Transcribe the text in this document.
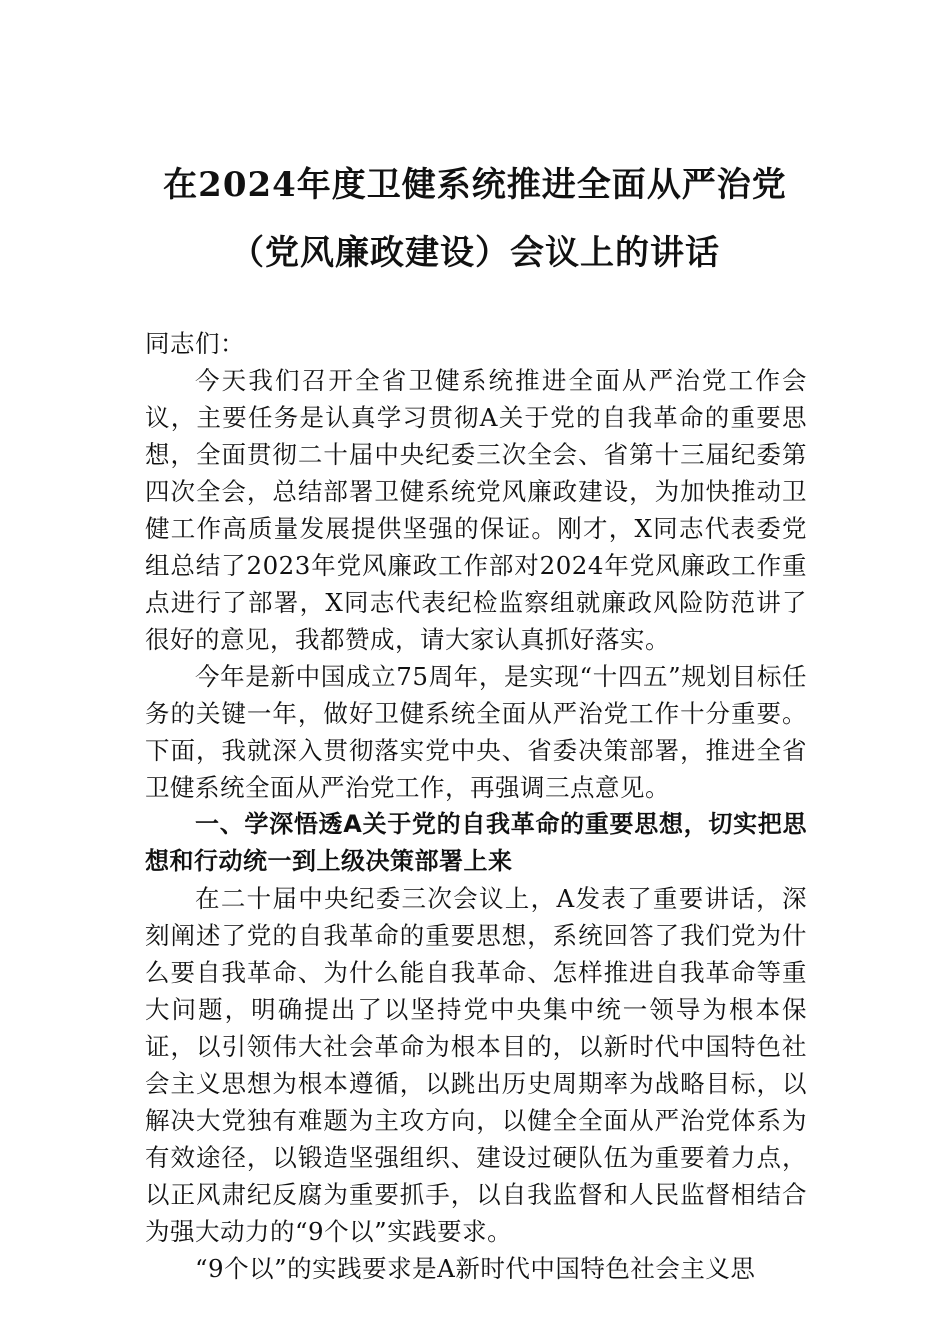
在2024年度卫健系统推进全面从严治党
（党风廉政建设）会议上的讲话

同志们：

今天我们召开全省卫健系统推进全面从严治党工作会议，主要任务是认真学习贯彻A关于党的自我革命的重要思想，全面贯彻二十届中央纪委三次全会、省第十三届纪委第四次全会，总结部署卫健系统党风廉政建设，为加快推动卫健工作高质量发展提供坚强的保证。刚才，X同志代表委党组总结了2023年党风廉政工作部对2024年党风廉政工作重点进行了部署，X同志代表纪检监察组就廉政风险防范讲了很好的意见，我都赞成，请大家认真抓好落实。

今年是新中国成立75周年，是实现“十四五”规划目标任务的关键一年，做好卫健系统全面从严治党工作十分重要。下面，我就深入贯彻落实党中央、省委决策部署，推进全省卫健系统全面从严治党工作，再强调三点意见。

一、学深悟透A关于党的自我革命的重要思想，切实把思想和行动统一到上级决策部署上来

在二十届中央纪委三次会议上，A发表了重要讲话，深刻阐述了党的自我革命的重要思想，系统回答了我们党为什么要自我革命、为什么能自我革命、怎样推进自我革命等重大问题，明确提出了以坚持党中央集中统一领导为根本保证，以引领伟大社会革命为根本目的，以新时代中国特色社会主义思想为根本遵循，以跳出历史周期率为战略目标，以解决大党独有难题为主攻方向，以健全全面从严治党体系为有效途径，以锻造坚强组织、建设过硬队伍为重要着力点，以正风肃纪反腐为重要抓手，以自我监督和人民监督相结合为强大动力的“9个以”实践要求。

“9个以”的实践要求是A新时代中国特色社会主义思
